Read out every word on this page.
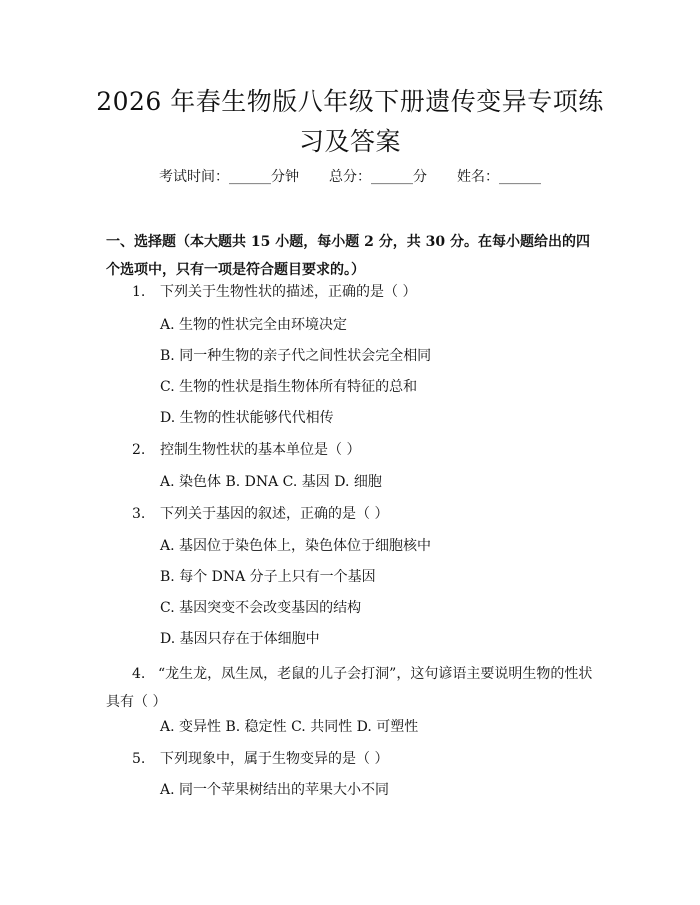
2026 年春生物版八年级下册遗传变异专项练
习及答案
考试时间：______分钟 总分：______分 姓名：______
一、选择题（本大题共 15 小题，每小题 2 分，共 30 分。在每小题给出的四个选项中，只有一项是符合题目要求的。）
1. 下列关于生物性状的描述，正确的是（ ）
A. 生物的性状完全由环境决定
B. 同一种生物的亲子代之间性状会完全相同
C. 生物的性状是指生物体所有特征的总和
D. 生物的性状能够代代相传
2. 控制生物性状的基本单位是（ ）
A. 染色体 B. DNA C. 基因 D. 细胞
3. 下列关于基因的叙述，正确的是（ ）
A. 基因位于染色体上，染色体位于细胞核中
B. 每个 DNA 分子上只有一个基因
C. 基因突变不会改变基因的结构
D. 基因只存在于体细胞中
4. “龙生龙，凤生凤，老鼠的儿子会打洞”，这句谚语主要说明生物的性状具有（ ）
A. 变异性 B. 稳定性 C. 共同性 D. 可塑性
5. 下列现象中，属于生物变异的是（ ）
A. 同一个苹果树结出的苹果大小不同
